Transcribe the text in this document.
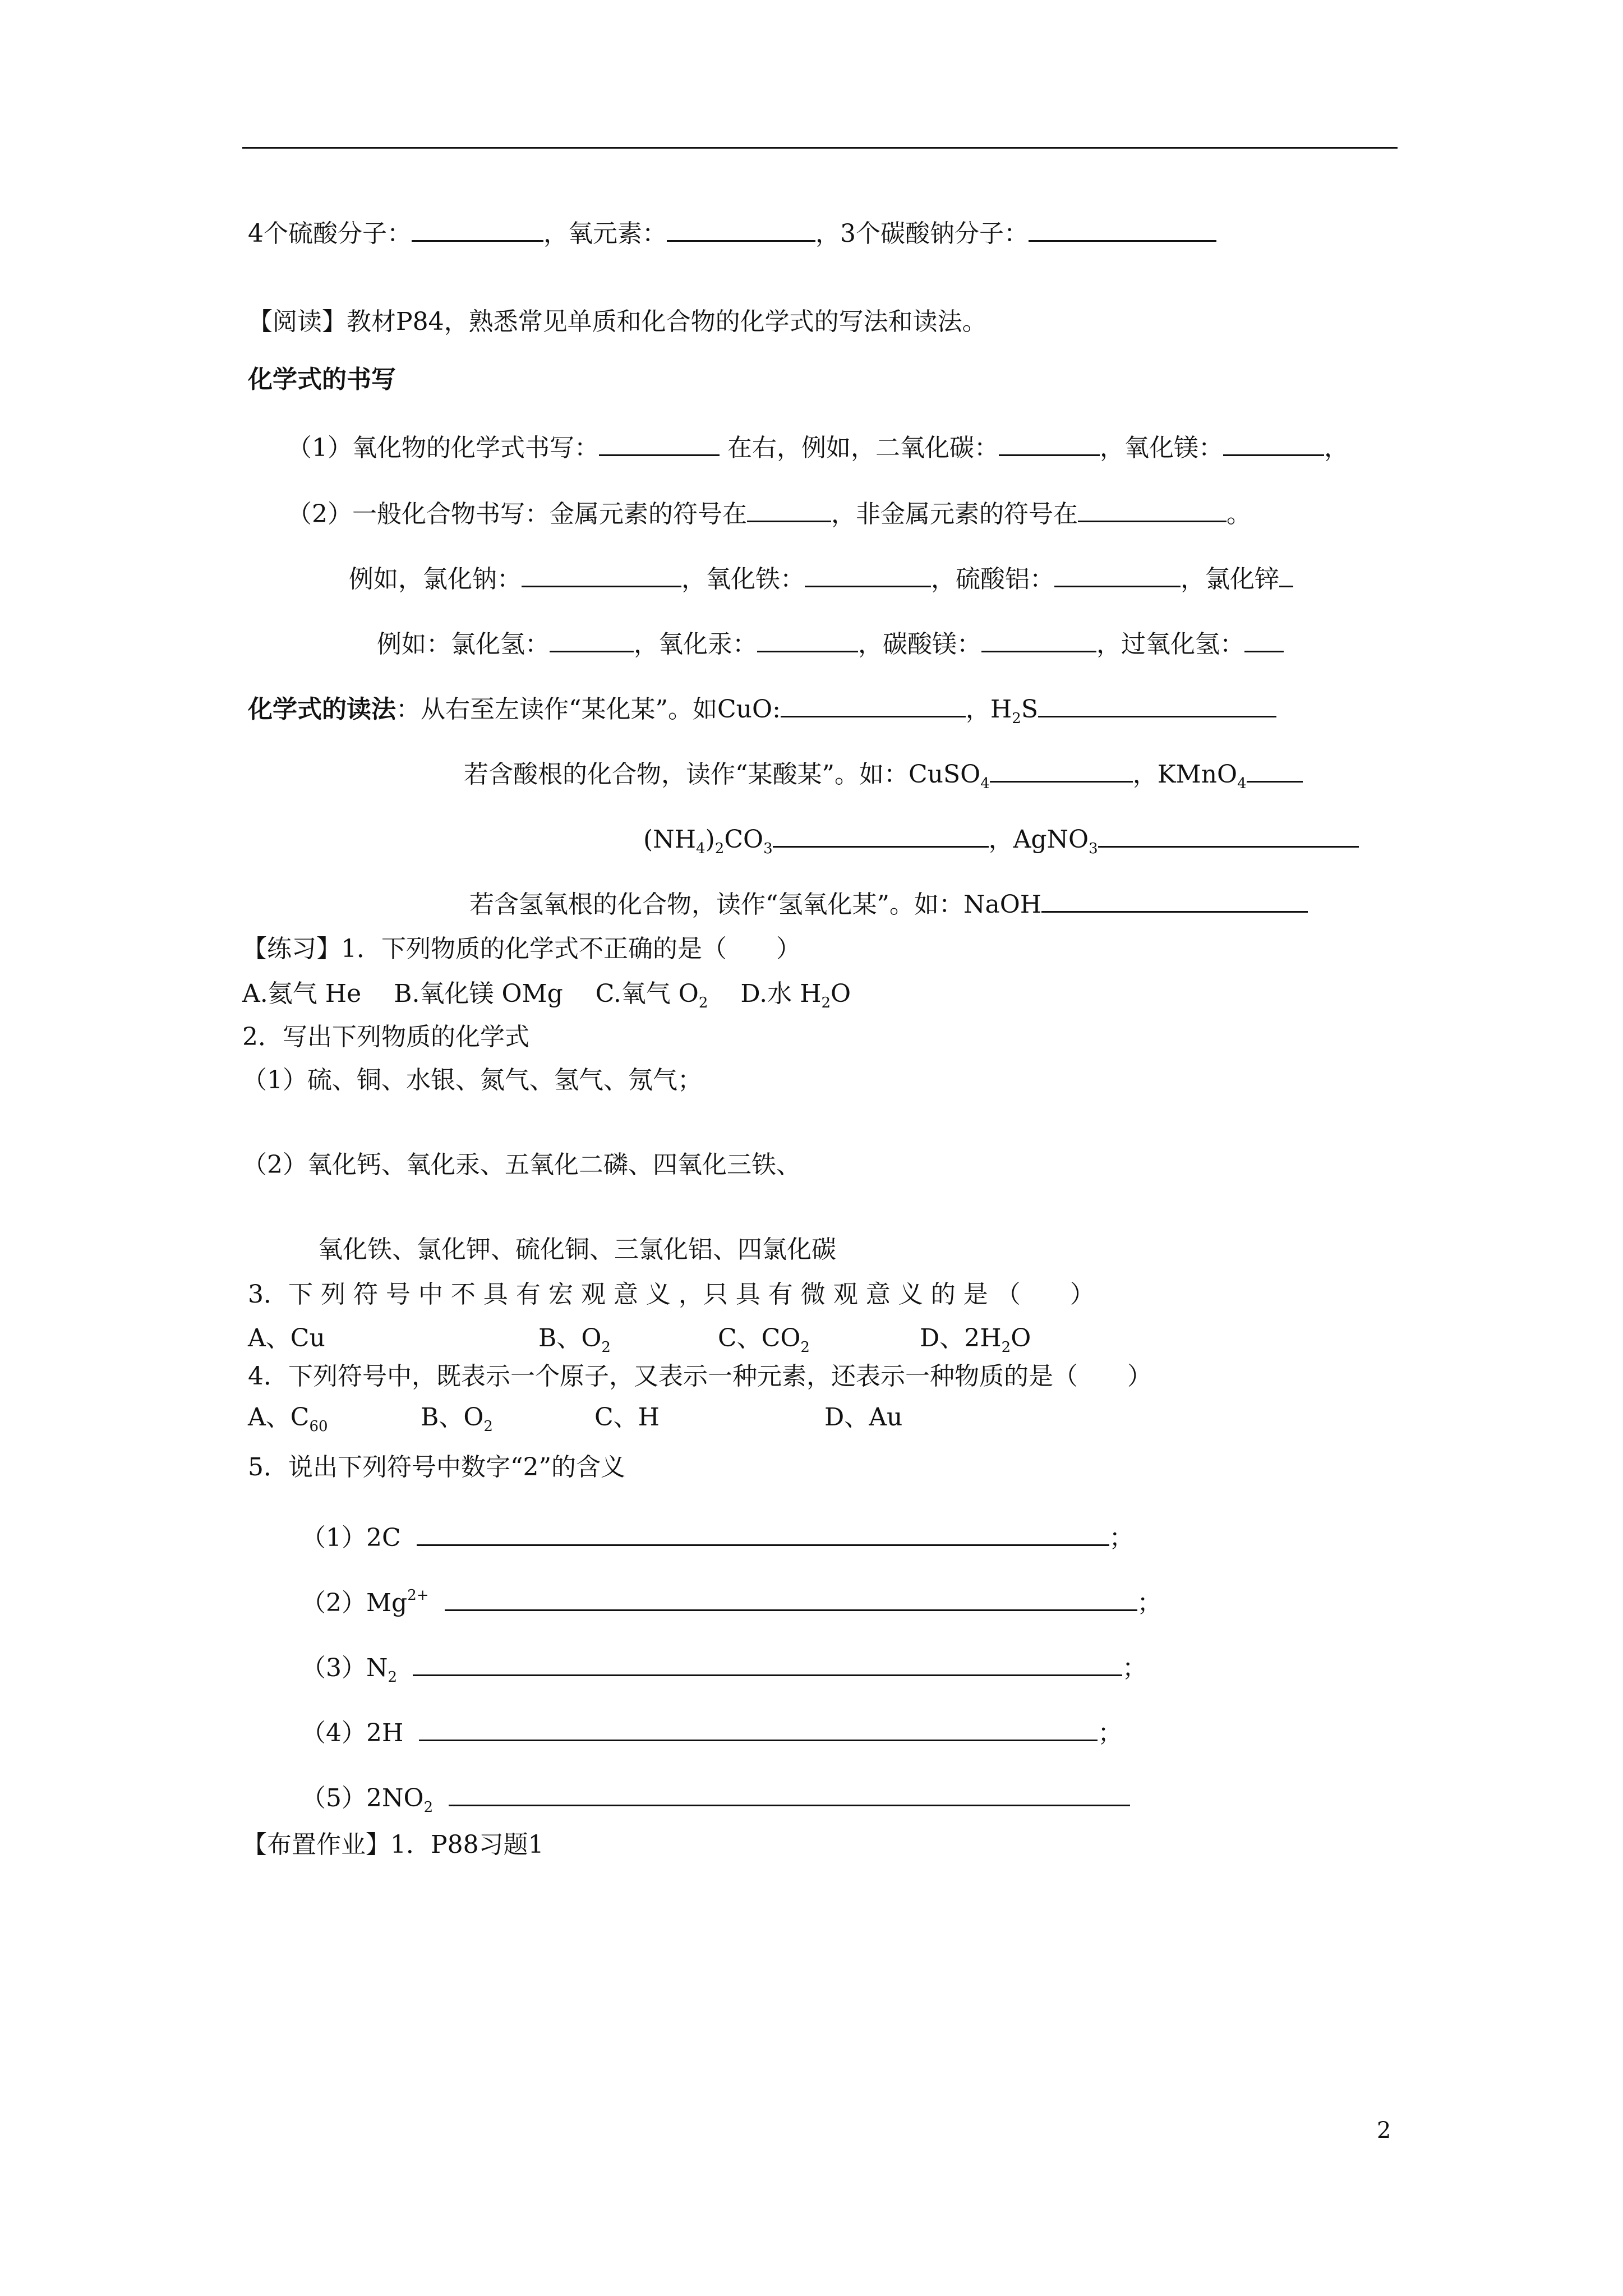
4个硫酸分子：	，氧元素：	，3个碳酸钠分子：
【阅读】教材P84，熟悉常见单质和化合物的化学式的写法和读法。
化学式的书写
（1）氧化物的化学式书写：	在右，例如，二氧化碳：	，氧化镁：	，
（2）一般化合物书写：金属元素的符号在	，非金属元素的符号在	。
例如，氯化钠：	，氧化铁：	，硫酸铝：	，氯化锌
例如：氯化氢：	，氧化汞：	，碳酸镁：	，过氧化氢：
化学式的读法：从右至左读作“某化某”。如CuO:	，$H_2S$
若含酸根的化合物，读作“某酸某”。如：CuSO$_4$	，KMnO$_4$
$(NH_4)_2CO_3$	，AgNO$_3$
若含氢氧根的化合物，读作“氢氧化某”。如：NaOH
【练习】1．下列物质的化学式不正确的是（　　）
A.氦气 He　 B.氧化镁 OMg　 C.氧气 $O_2$　 D.水 $H_2O$
2．写出下列物质的化学式
（1）硫、铜、水银、氮气、氢气、氖气；
（2）氧化钙、氧化汞、五氧化二磷、四氧化三铁、
氧化铁、氯化钾、硫化铜、三氯化铝、四氯化碳
3．下 列 符 号 中 不 具 有 宏 观 意 义 ，只 具 有 微 观 意 义 的 是 （　　）
A、Cu	B、$O_2$	C、$CO_2$	D、$2H_2O$
4．下列符号中，既表示一个原子，又表示一种元素，还表示一种物质的是（　　）
A、$C_{60}$	B、$O_2$	C、H	D、Au
5．说出下列符号中数字“2”的含义
（1）2C	；
$(2)Mg^{2+}$	；
$(3)N_2$	；
（4）2H	；
$(5)2NO_2$
【布置作业】1．P88习题1
2
